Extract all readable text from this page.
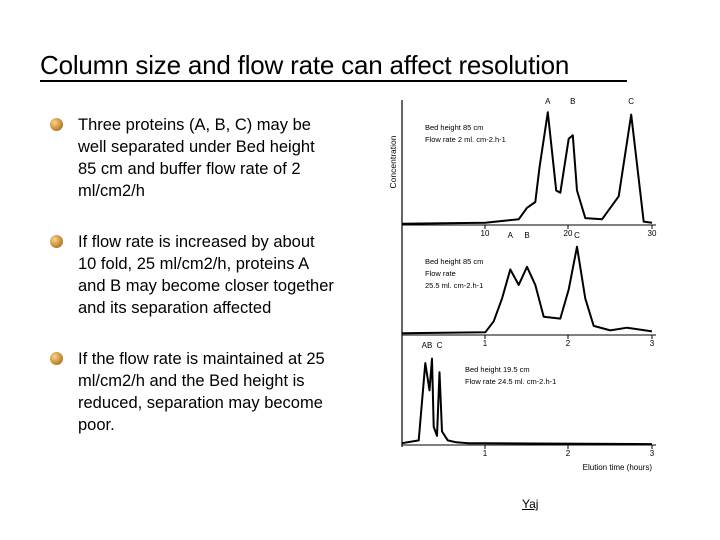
Column size and flow rate can affect resolution
Three proteins (A, B, C) may be
well separated under Bed height
85 cm and buffer flow rate of 2
ml/cm2/h
If flow rate is increased by about
10 fold, 25 ml/cm2/h, proteins A
and B may become closer together
and its separation affected
If the flow rate is maintained at 25
ml/cm2/h and the Bed height is
reduced, separation may become
poor.
Concentration
10	20	30
A B	C
Bed height 85 cm
Flow rate 2 ml. cm-2.h-1
1	2	3
A B	C
Bed height 85 cm
Flow rate
25.5 ml. cm-2.h-1
1	2	3
AB C
Bed height 19.5 cm
Flow rate 24.5 ml. cm-2.h-1
Elution time (hours)
Yaj
